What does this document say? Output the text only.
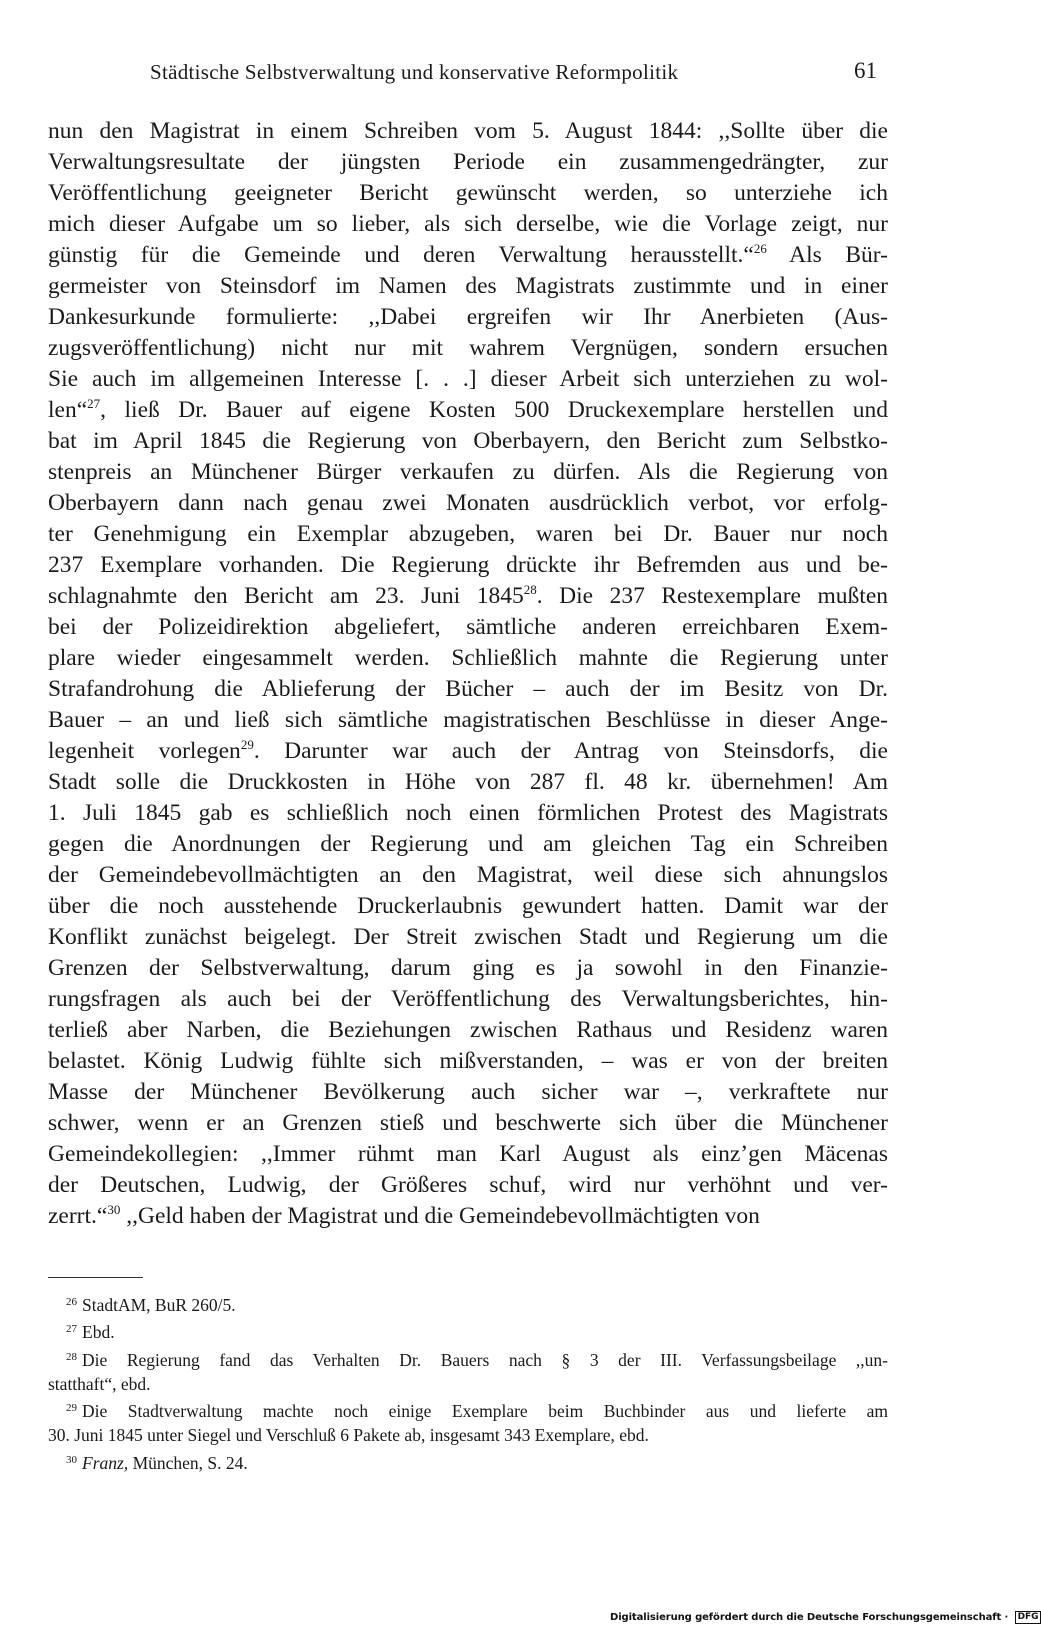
Städtische Selbstverwaltung und konservative Reformpolitik	61
nun den Magistrat in einem Schreiben vom 5. August 1844: ,,Sollte über die
Verwaltungsresultate der jüngsten Periode ein zusammengedrängter, zur
Veröffentlichung geeigneter Bericht gewünscht werden, so unterziehe ich
mich dieser Aufgabe um so lieber, als sich derselbe, wie die Vorlage zeigt, nur
günstig für die Gemeinde und deren Verwaltung herausstellt.“$^{26}$ Als Bür-
germeister von Steinsdorf im Namen des Magistrats zustimmte und in einer
Dankesurkunde formulierte: ,,Dabei ergreifen wir Ihr Anerbieten (Aus-
zugsveröffentlichung) nicht nur mit wahrem Vergnügen, sondern ersuchen
Sie auch im allgemeinen Interesse [. . .] dieser Arbeit sich unterziehen zu wol-
len“$^{27}$, ließ Dr. Bauer auf eigene Kosten 500 Druckexemplare herstellen und
bat im April 1845 die Regierung von Oberbayern, den Bericht zum Selbstko-
stenpreis an Münchener Bürger verkaufen zu dürfen. Als die Regierung von
Oberbayern dann nach genau zwei Monaten ausdrücklich verbot, vor erfolg-
ter Genehmigung ein Exemplar abzugeben, waren bei Dr. Bauer nur noch
237 Exemplare vorhanden. Die Regierung drückte ihr Befremden aus und be-
schlagnahmte den Bericht am 23. Juni 1845$^{28}$. Die 237 Restexemplare mußten
bei der Polizeidirektion abgeliefert, sämtliche anderen erreichbaren Exem-
plare wieder eingesammelt werden. Schließlich mahnte die Regierung unter
Strafandrohung die Ablieferung der Bücher – auch der im Besitz von Dr.
Bauer – an und ließ sich sämtliche magistratischen Beschlüsse in dieser Ange-
legenheit vorlegen$^{29}$. Darunter war auch der Antrag von Steinsdorfs, die
Stadt solle die Druckkosten in Höhe von 287 fl. 48 kr. übernehmen! Am
1. Juli 1845 gab es schließlich noch einen förmlichen Protest des Magistrats
gegen die Anordnungen der Regierung und am gleichen Tag ein Schreiben
der Gemeindebevollmächtigten an den Magistrat, weil diese sich ahnungslos
über die noch ausstehende Druckerlaubnis gewundert hatten. Damit war der
Konflikt zunächst beigelegt. Der Streit zwischen Stadt und Regierung um die
Grenzen der Selbstverwaltung, darum ging es ja sowohl in den Finanzie-
rungsfragen als auch bei der Veröffentlichung des Verwaltungsberichtes, hin-
terließ aber Narben, die Beziehungen zwischen Rathaus und Residenz waren
belastet. König Ludwig fühlte sich mißverstanden, – was er von der breiten
Masse der Münchener Bevölkerung auch sicher war –, verkraftete nur
schwer, wenn er an Grenzen stieß und beschwerte sich über die Münchener
Gemeindekollegien: ,,Immer rühmt man Karl August als einz’gen Mäcenas
der Deutschen, Ludwig, der Größeres schuf, wird nur verhöhnt und ver-
zerrt.“$^{30}$ ,,Geld haben der Magistrat und die Gemeindebevollmächtigten von
$^{26}$ StadtAM, BuR 260/5.
$^{27}$ Ebd.
$^{28}$ Die Regierung fand das Verhalten Dr. Bauers nach § 3 der III. Verfassungsbeilage ,,un-
statthaft“, ebd.
$^{29}$ Die Stadtverwaltung machte noch einige Exemplare beim Buchbinder aus und lieferte am
30. Juni 1845 unter Siegel und Verschluß 6 Pakete ab, insgesamt 343 Exemplare, ebd.
$^{30}$ Franz, München, S. 24.
Digitalisierung gefördert durch die Deutsche Forschungsgemeinschaft · DFG
